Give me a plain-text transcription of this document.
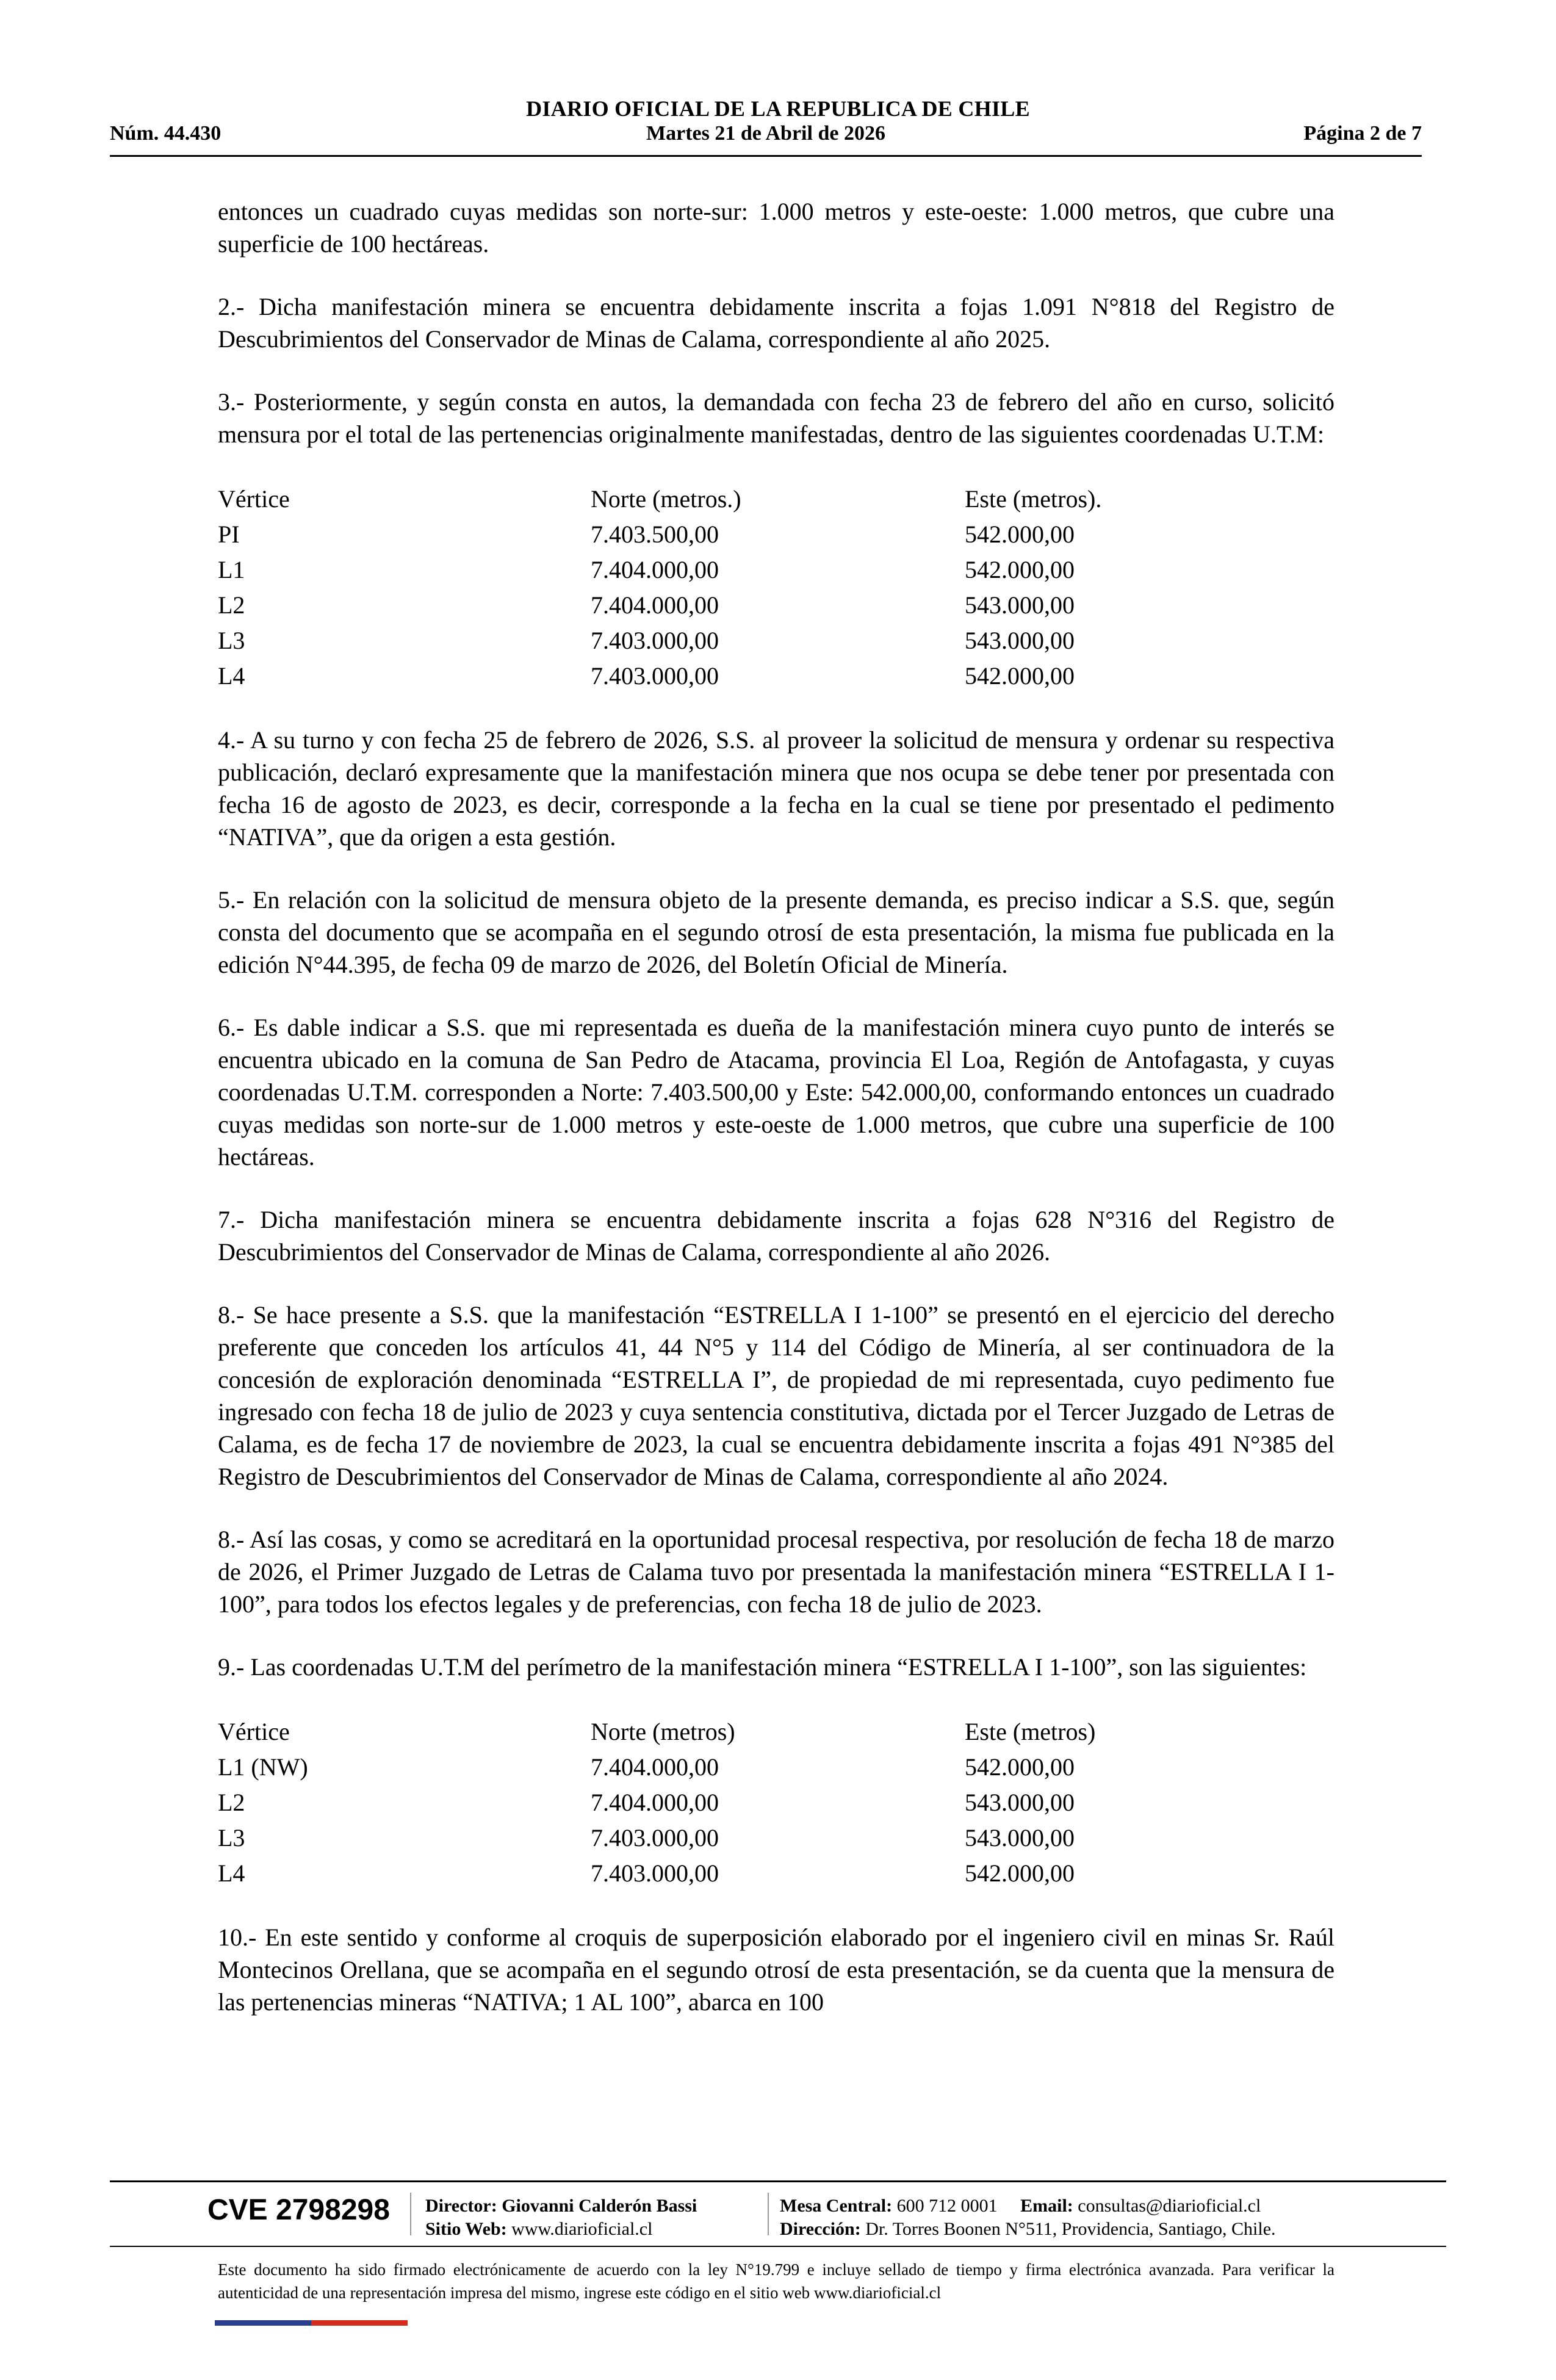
DIARIO OFICIAL DE LA REPUBLICA DE CHILE
Martes 21 de Abril de 2026
Núm. 44.430	Página 2 de 7

entonces un cuadrado cuyas medidas son norte-sur: 1.000 metros y este-oeste: 1.000 metros, que cubre una superficie de 100 hectáreas.

2.- Dicha manifestación minera se encuentra debidamente inscrita a fojas 1.091 N°818 del Registro de Descubrimientos del Conservador de Minas de Calama, correspondiente al año 2025.

3.- Posteriormente, y según consta en autos, la demandada con fecha 23 de febrero del año en curso, solicitó mensura por el total de las pertenencias originalmente manifestadas, dentro de las siguientes coordenadas U.T.M:

Vértice	Norte (metros.)	Este (metros).
PI	7.403.500,00	542.000,00
L1	7.404.000,00	542.000,00
L2	7.404.000,00	543.000,00
L3	7.403.000,00	543.000,00
L4	7.403.000,00	542.000,00

4.- A su turno y con fecha 25 de febrero de 2026, S.S. al proveer la solicitud de mensura y ordenar su respectiva publicación, declaró expresamente que la manifestación minera que nos ocupa se debe tener por presentada con fecha 16 de agosto de 2023, es decir, corresponde a la fecha en la cual se tiene por presentado el pedimento “NATIVA”, que da origen a esta gestión.

5.- En relación con la solicitud de mensura objeto de la presente demanda, es preciso indicar a S.S. que, según consta del documento que se acompaña en el segundo otrosí de esta presentación, la misma fue publicada en la edición N°44.395, de fecha 09 de marzo de 2026, del Boletín Oficial de Minería.

6.- Es dable indicar a S.S. que mi representada es dueña de la manifestación minera cuyo punto de interés se encuentra ubicado en la comuna de San Pedro de Atacama, provincia El Loa, Región de Antofagasta, y cuyas coordenadas U.T.M. corresponden a Norte: 7.403.500,00 y Este: 542.000,00, conformando entonces un cuadrado cuyas medidas son norte-sur de 1.000 metros y este-oeste de 1.000 metros, que cubre una superficie de 100 hectáreas.

7.- Dicha manifestación minera se encuentra debidamente inscrita a fojas 628 N°316 del Registro de Descubrimientos del Conservador de Minas de Calama, correspondiente al año 2026.

8.- Se hace presente a S.S. que la manifestación “ESTRELLA I 1-100” se presentó en el ejercicio del derecho preferente que conceden los artículos 41, 44 N°5 y 114 del Código de Minería, al ser continuadora de la concesión de exploración denominada “ESTRELLA I”, de propiedad de mi representada, cuyo pedimento fue ingresado con fecha 18 de julio de 2023 y cuya sentencia constitutiva, dictada por el Tercer Juzgado de Letras de Calama, es de fecha 17 de noviembre de 2023, la cual se encuentra debidamente inscrita a fojas 491 N°385 del Registro de Descubrimientos del Conservador de Minas de Calama, correspondiente al año 2024.

8.- Así las cosas, y como se acreditará en la oportunidad procesal respectiva, por resolución de fecha 18 de marzo de 2026, el Primer Juzgado de Letras de Calama tuvo por presentada la manifestación minera “ESTRELLA I 1-100”, para todos los efectos legales y de preferencias, con fecha 18 de julio de 2023.

9.- Las coordenadas U.T.M del perímetro de la manifestación minera “ESTRELLA I 1-100”, son las siguientes:

Vértice	Norte (metros)	Este (metros)
L1 (NW)	7.404.000,00	542.000,00
L2	7.404.000,00	543.000,00
L3	7.403.000,00	543.000,00
L4	7.403.000,00	542.000,00

10.- En este sentido y conforme al croquis de superposición elaborado por el ingeniero civil en minas Sr. Raúl Montecinos Orellana, que se acompaña en el segundo otrosí de esta presentación, se da cuenta que la mensura de las pertenencias mineras “NATIVA; 1 AL 100”, abarca en 100

CVE 2798298 Director: Giovanni Calderón Bassi
Sitio Web: www.diarioficial.cl
Mesa Central: 600 712 0001 Email: consultas@diarioficial.cl
Dirección: Dr. Torres Boonen N°511, Providencia, Santiago, Chile.
Este documento ha sido firmado electrónicamente de acuerdo con la ley N°19.799 e incluye sellado de tiempo y firma electrónica avanzada. Para verificar la autenticidad de una representación impresa del mismo, ingrese este código en el sitio web www.diarioficial.cl
